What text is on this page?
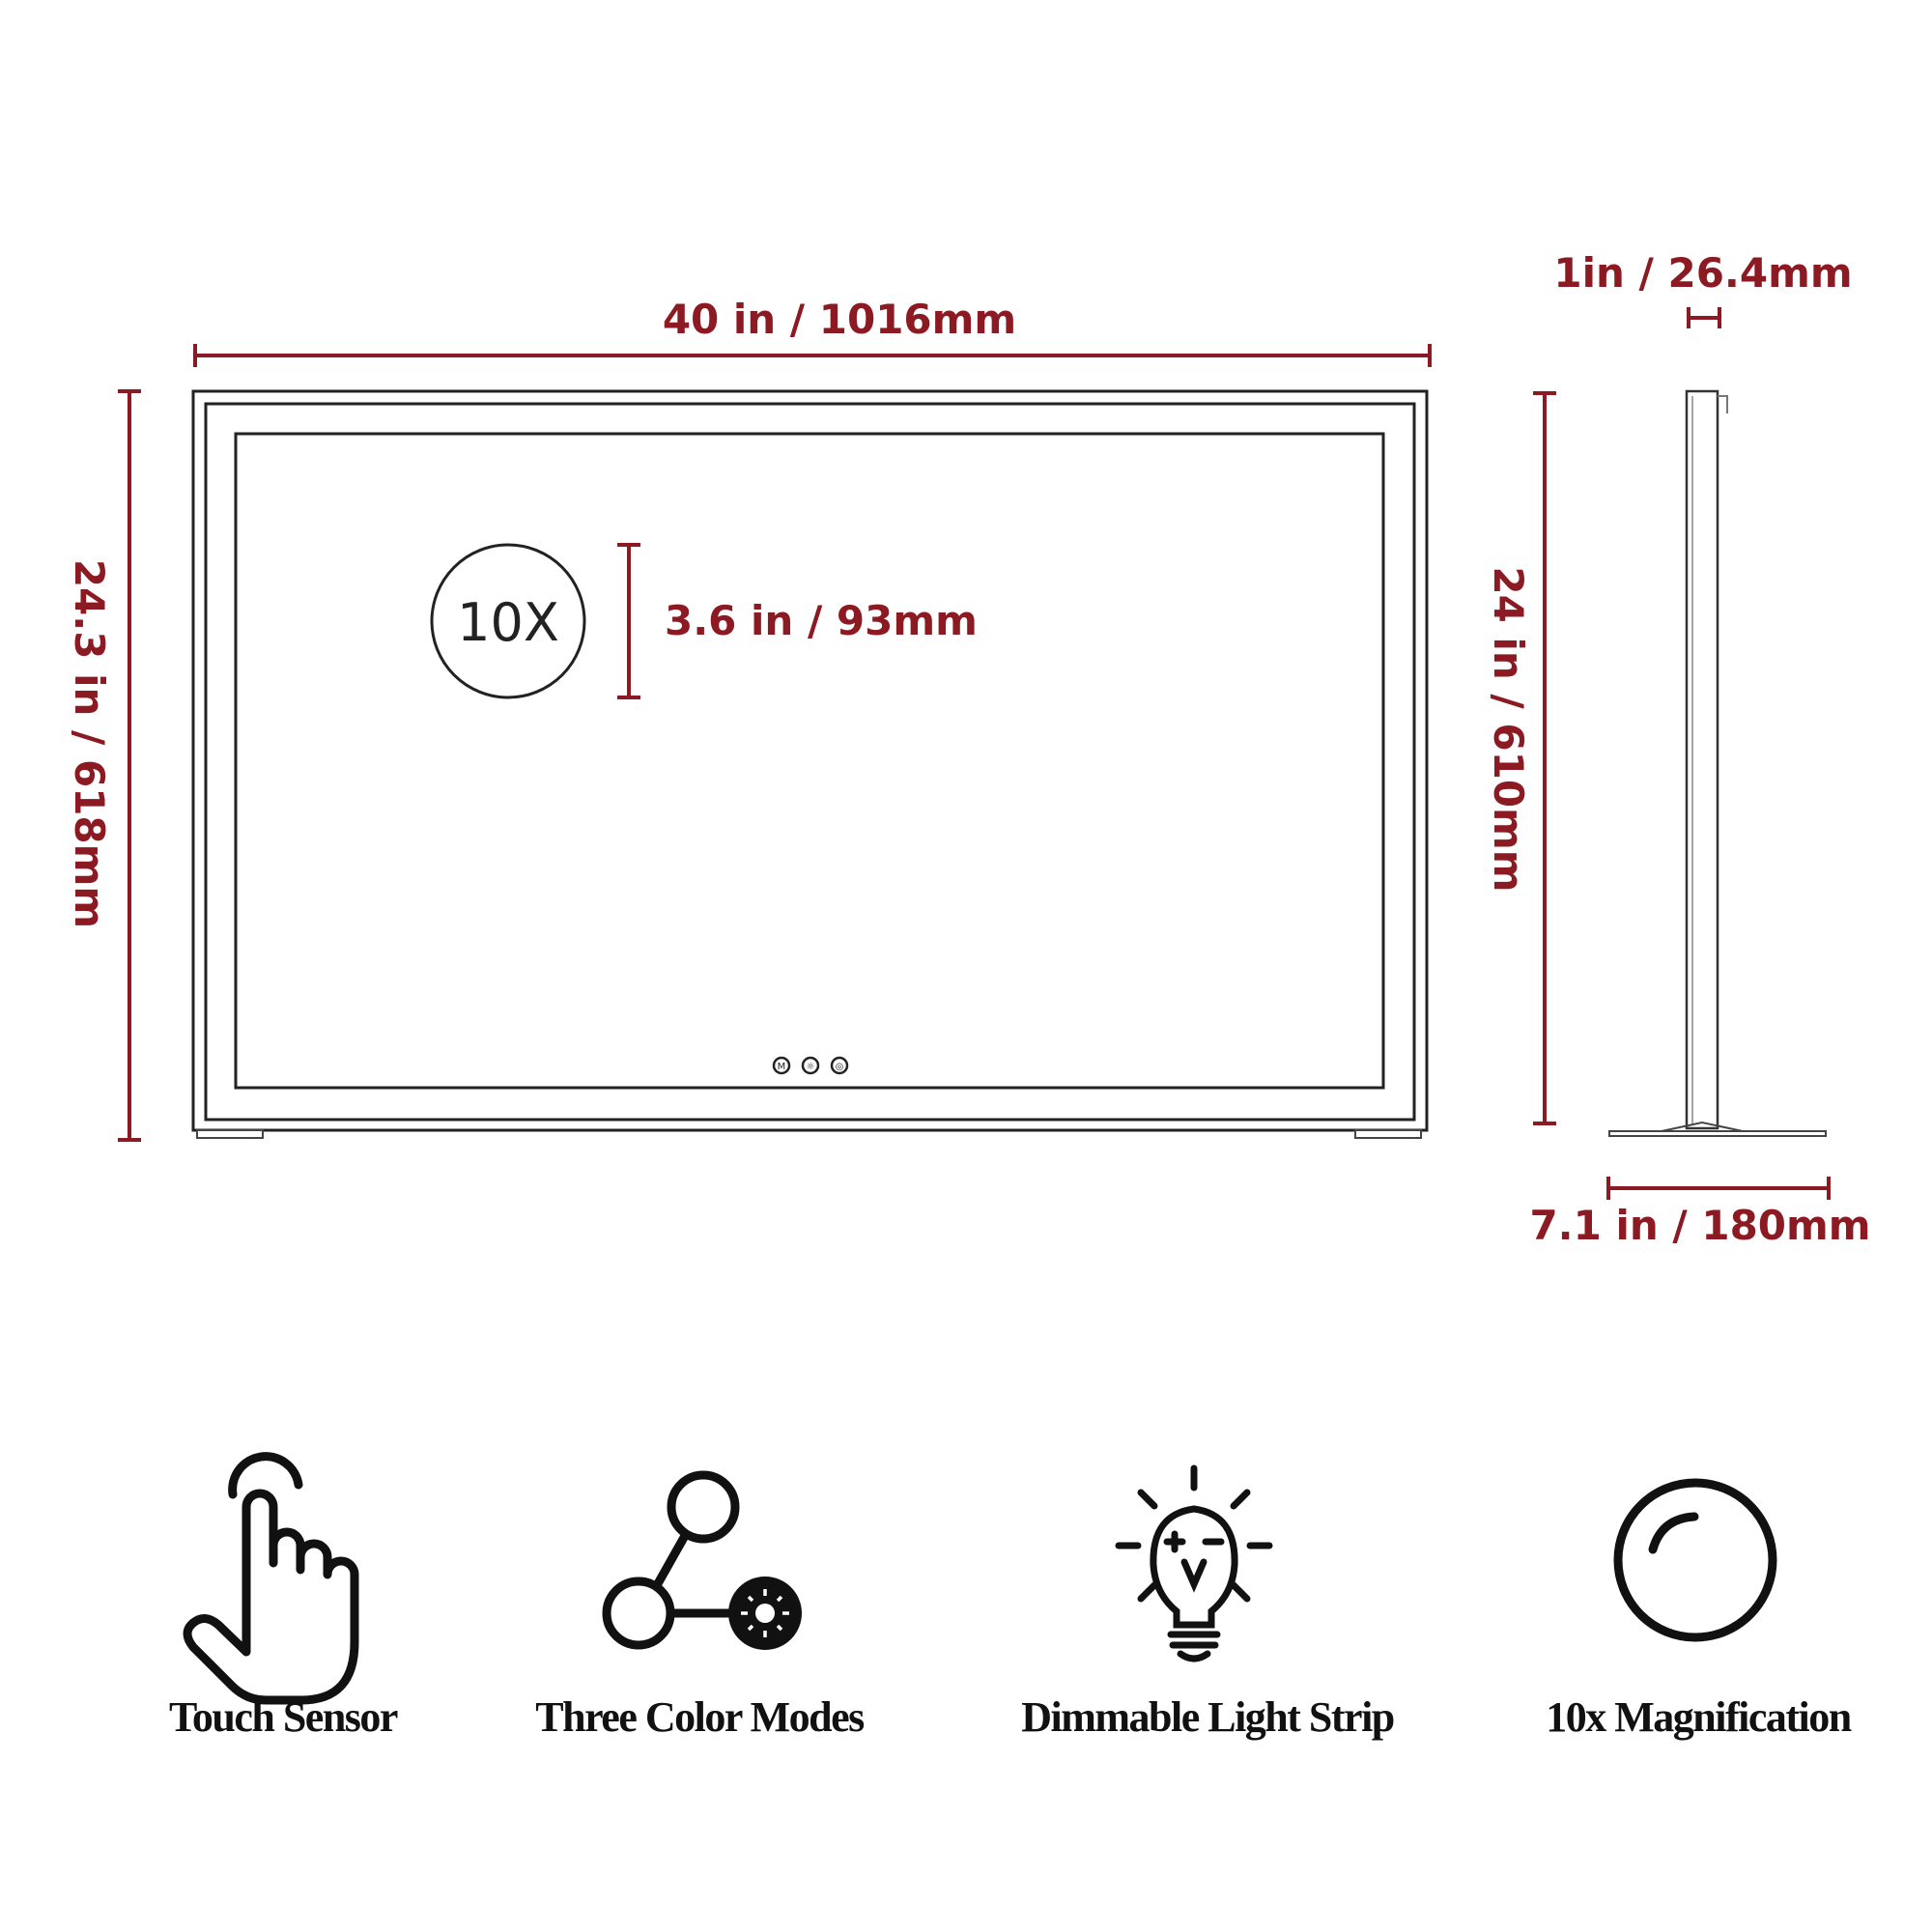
40 in / 1016mm
24.3 in / 618mm	10X	3.6 in / 93mm
M ☼ ◎
1in / 26.4mm
24 in / 610mm
7.1 in / 180mm
Touch Sensor	Three Color Modes	Dimmable Light Strip	10x Magnification
